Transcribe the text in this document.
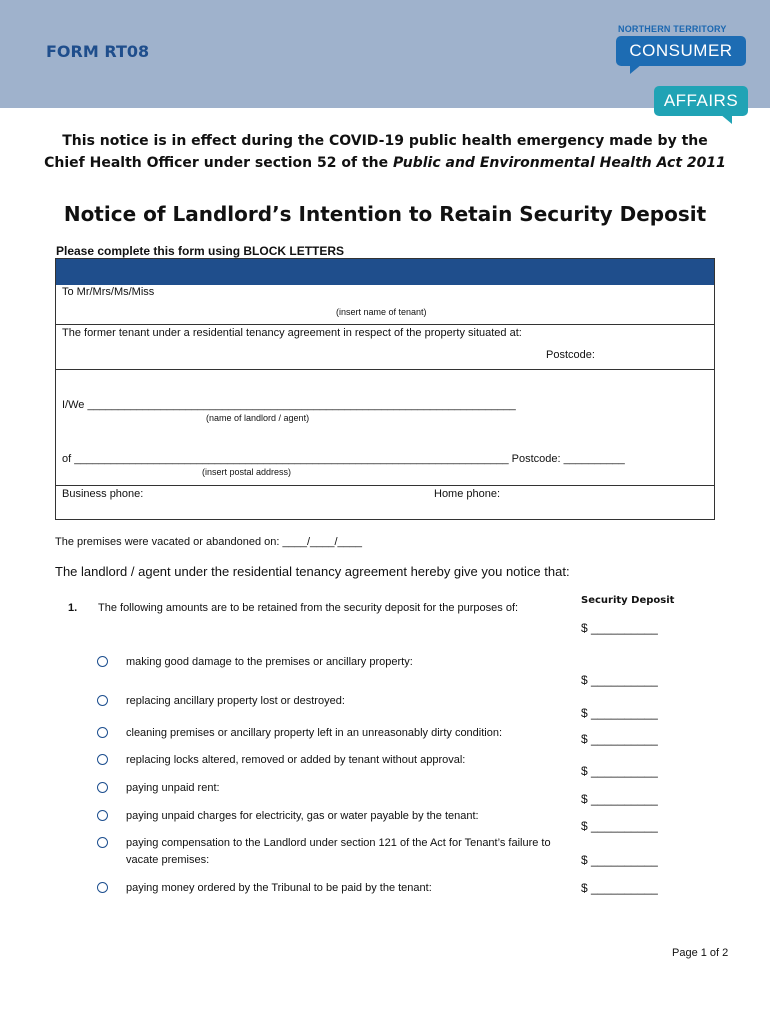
FORM RT08
NORTHERN TERRITORY
CONSUMER
AFFAIRS
This notice is in effect during the COVID-19 public health emergency made by the Chief Health Officer under section 52 of the Public and Environmental Health Act 2011
Notice of Landlord’s Intention to Retain Security Deposit
Please complete this form using BLOCK LETTERS
To Mr/Mrs/Ms/Miss
(insert name of tenant)
The former tenant under a residential tenancy agreement in respect of the property situated at:
Postcode:
I/We ______________________________________________________________________
(name of landlord / agent)
of _______________________________________________________________________ Postcode: __________
(insert postal address)
Business phone:	Home phone:
The premises were vacated or abandoned on: ____/____/____
The landlord / agent under the residential tenancy agreement hereby give you notice that:
Security Deposit
1. The following amounts are to be retained from the security deposit for the purposes of:
$ __________
$ __________
$ __________
$ __________
$ __________
$ __________
$ __________
$ __________
$ __________
making good damage to the premises or ancillary property:
replacing ancillary property lost or destroyed:
cleaning premises or ancillary property left in an unreasonably dirty condition:
replacing locks altered, removed or added by tenant without approval:
paying unpaid rent:
paying unpaid charges for electricity, gas or water payable by the tenant:
paying compensation to the Landlord under section 121 of the Act for Tenant’s failure to vacate premises:
paying money ordered by the Tribunal to be paid by the tenant:
Page 1 of 2
